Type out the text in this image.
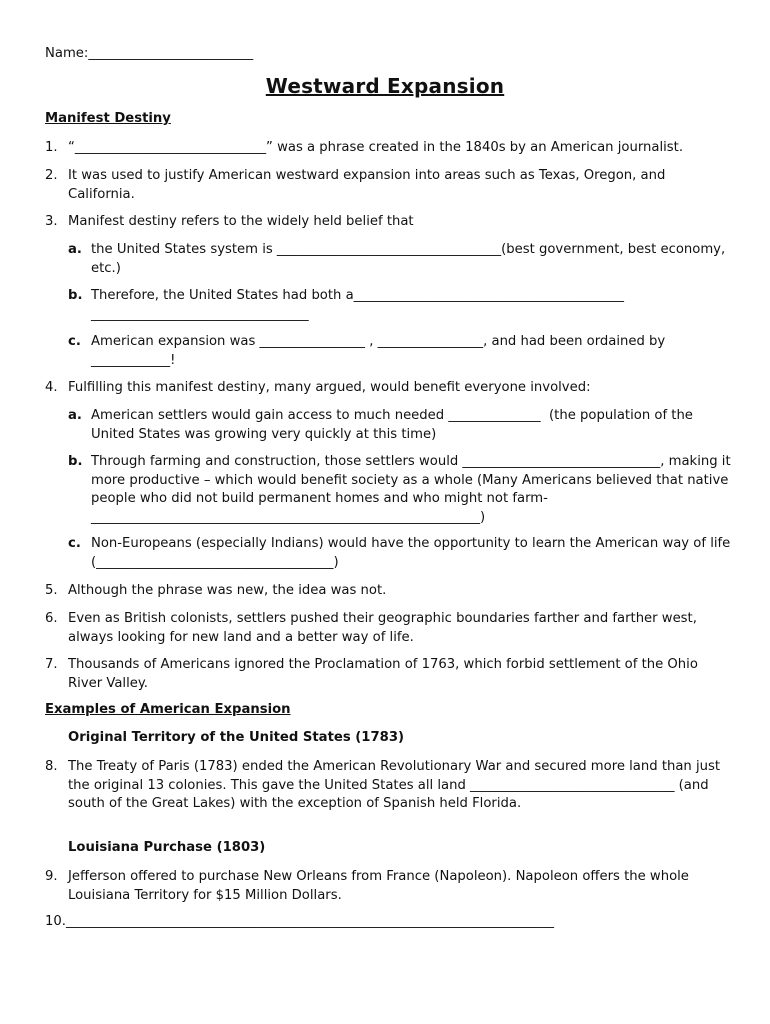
Name:_________________________
Westward Expansion
Manifest Destiny
1. “_____________________________” was a phrase created in the 1840s by an American journalist.
2. It was used to justify American westward expansion into areas such as Texas, Oregon, and California.
3. Manifest destiny refers to the widely held belief that
a. the United States system is __________________________________(best government, best economy, etc.)
b. Therefore, the United States had both a_________________________________________
_________________________________
c. American expansion was ________________ , ________________, and had been ordained by ____________!
4. Fulfilling this manifest destiny, many argued, would benefit everyone involved:
a. American settlers would gain access to much needed ______________  (the population of the United States was growing very quickly at this time)
b. Through farming and construction, those settlers would ______________________________, making it more productive – which would benefit society as a whole (Many Americans believed that native people who did not build permanent homes and who might not farm-___________________________________________________________)
c. Non-Europeans (especially Indians) would have the opportunity to learn the American way of life (____________________________________)
5. Although the phrase was new, the idea was not.
6. Even as British colonists, settlers pushed their geographic boundaries farther and farther west, always looking for new land and a better way of life.
7. Thousands of Americans ignored the Proclamation of 1763, which forbid settlement of the Ohio River Valley.
Examples of American Expansion
Original Territory of the United States (1783)
8. The Treaty of Paris (1783) ended the American Revolutionary War and secured more land than just the original 13 colonies. This gave the United States all land _______________________________ (and south of the Great Lakes) with the exception of Spanish held Florida.
Louisiana Purchase (1803)
9. Jefferson offered to purchase New Orleans from France (Napoleon). Napoleon offers the whole Louisiana Territory for $15 Million Dollars.
10.__________________________________________________________________________
